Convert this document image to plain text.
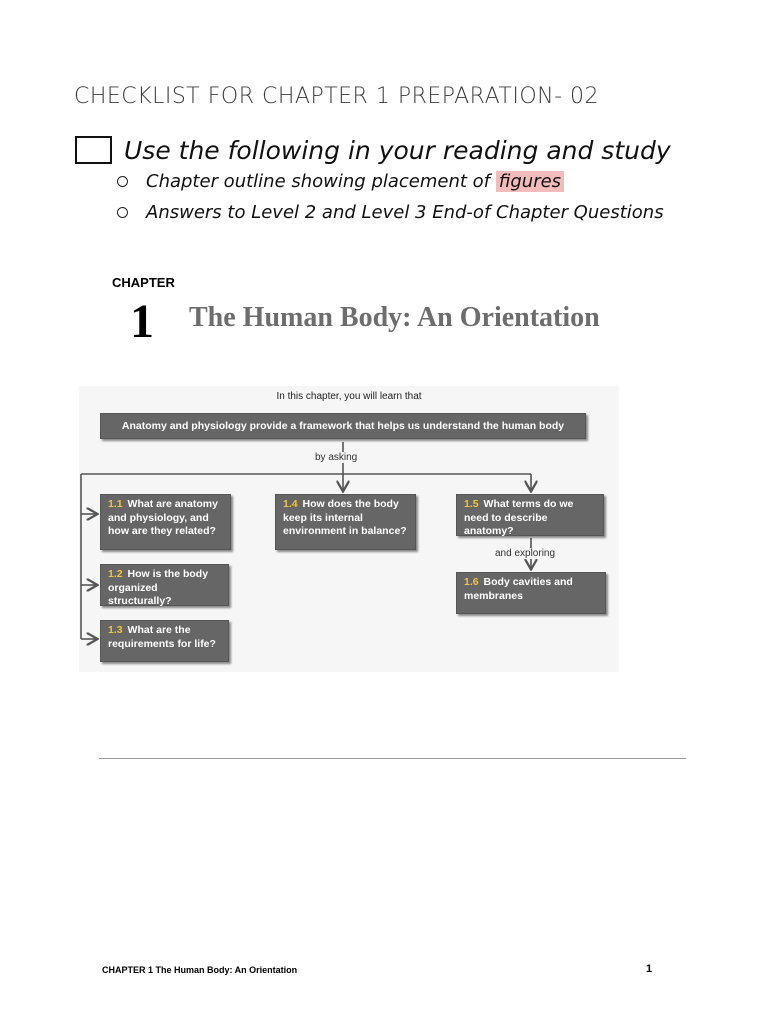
CHECKLIST FOR CHAPTER 1 PREPARATION- 02
Use the following in your reading and study
Chapter outline showing placement of figures
Answers to Level 2 and Level 3 End-of Chapter Questions
CHAPTER
1 The Human Body: An Orientation
In this chapter, you will learn that
Anatomy and physiology provide a framework that helps us understand the human body
by asking
and exploring
1.1 What are anatomy and physiology, and how are they related?
1.2 How is the body organized structurally?
1.3 What are the requirements for life?
1.4 How does the body keep its internal environment in balance?
1.5 What terms do we need to describe anatomy?
1.6 Body cavities and membranes
CHAPTER 1 The Human Body: An Orientation	1
